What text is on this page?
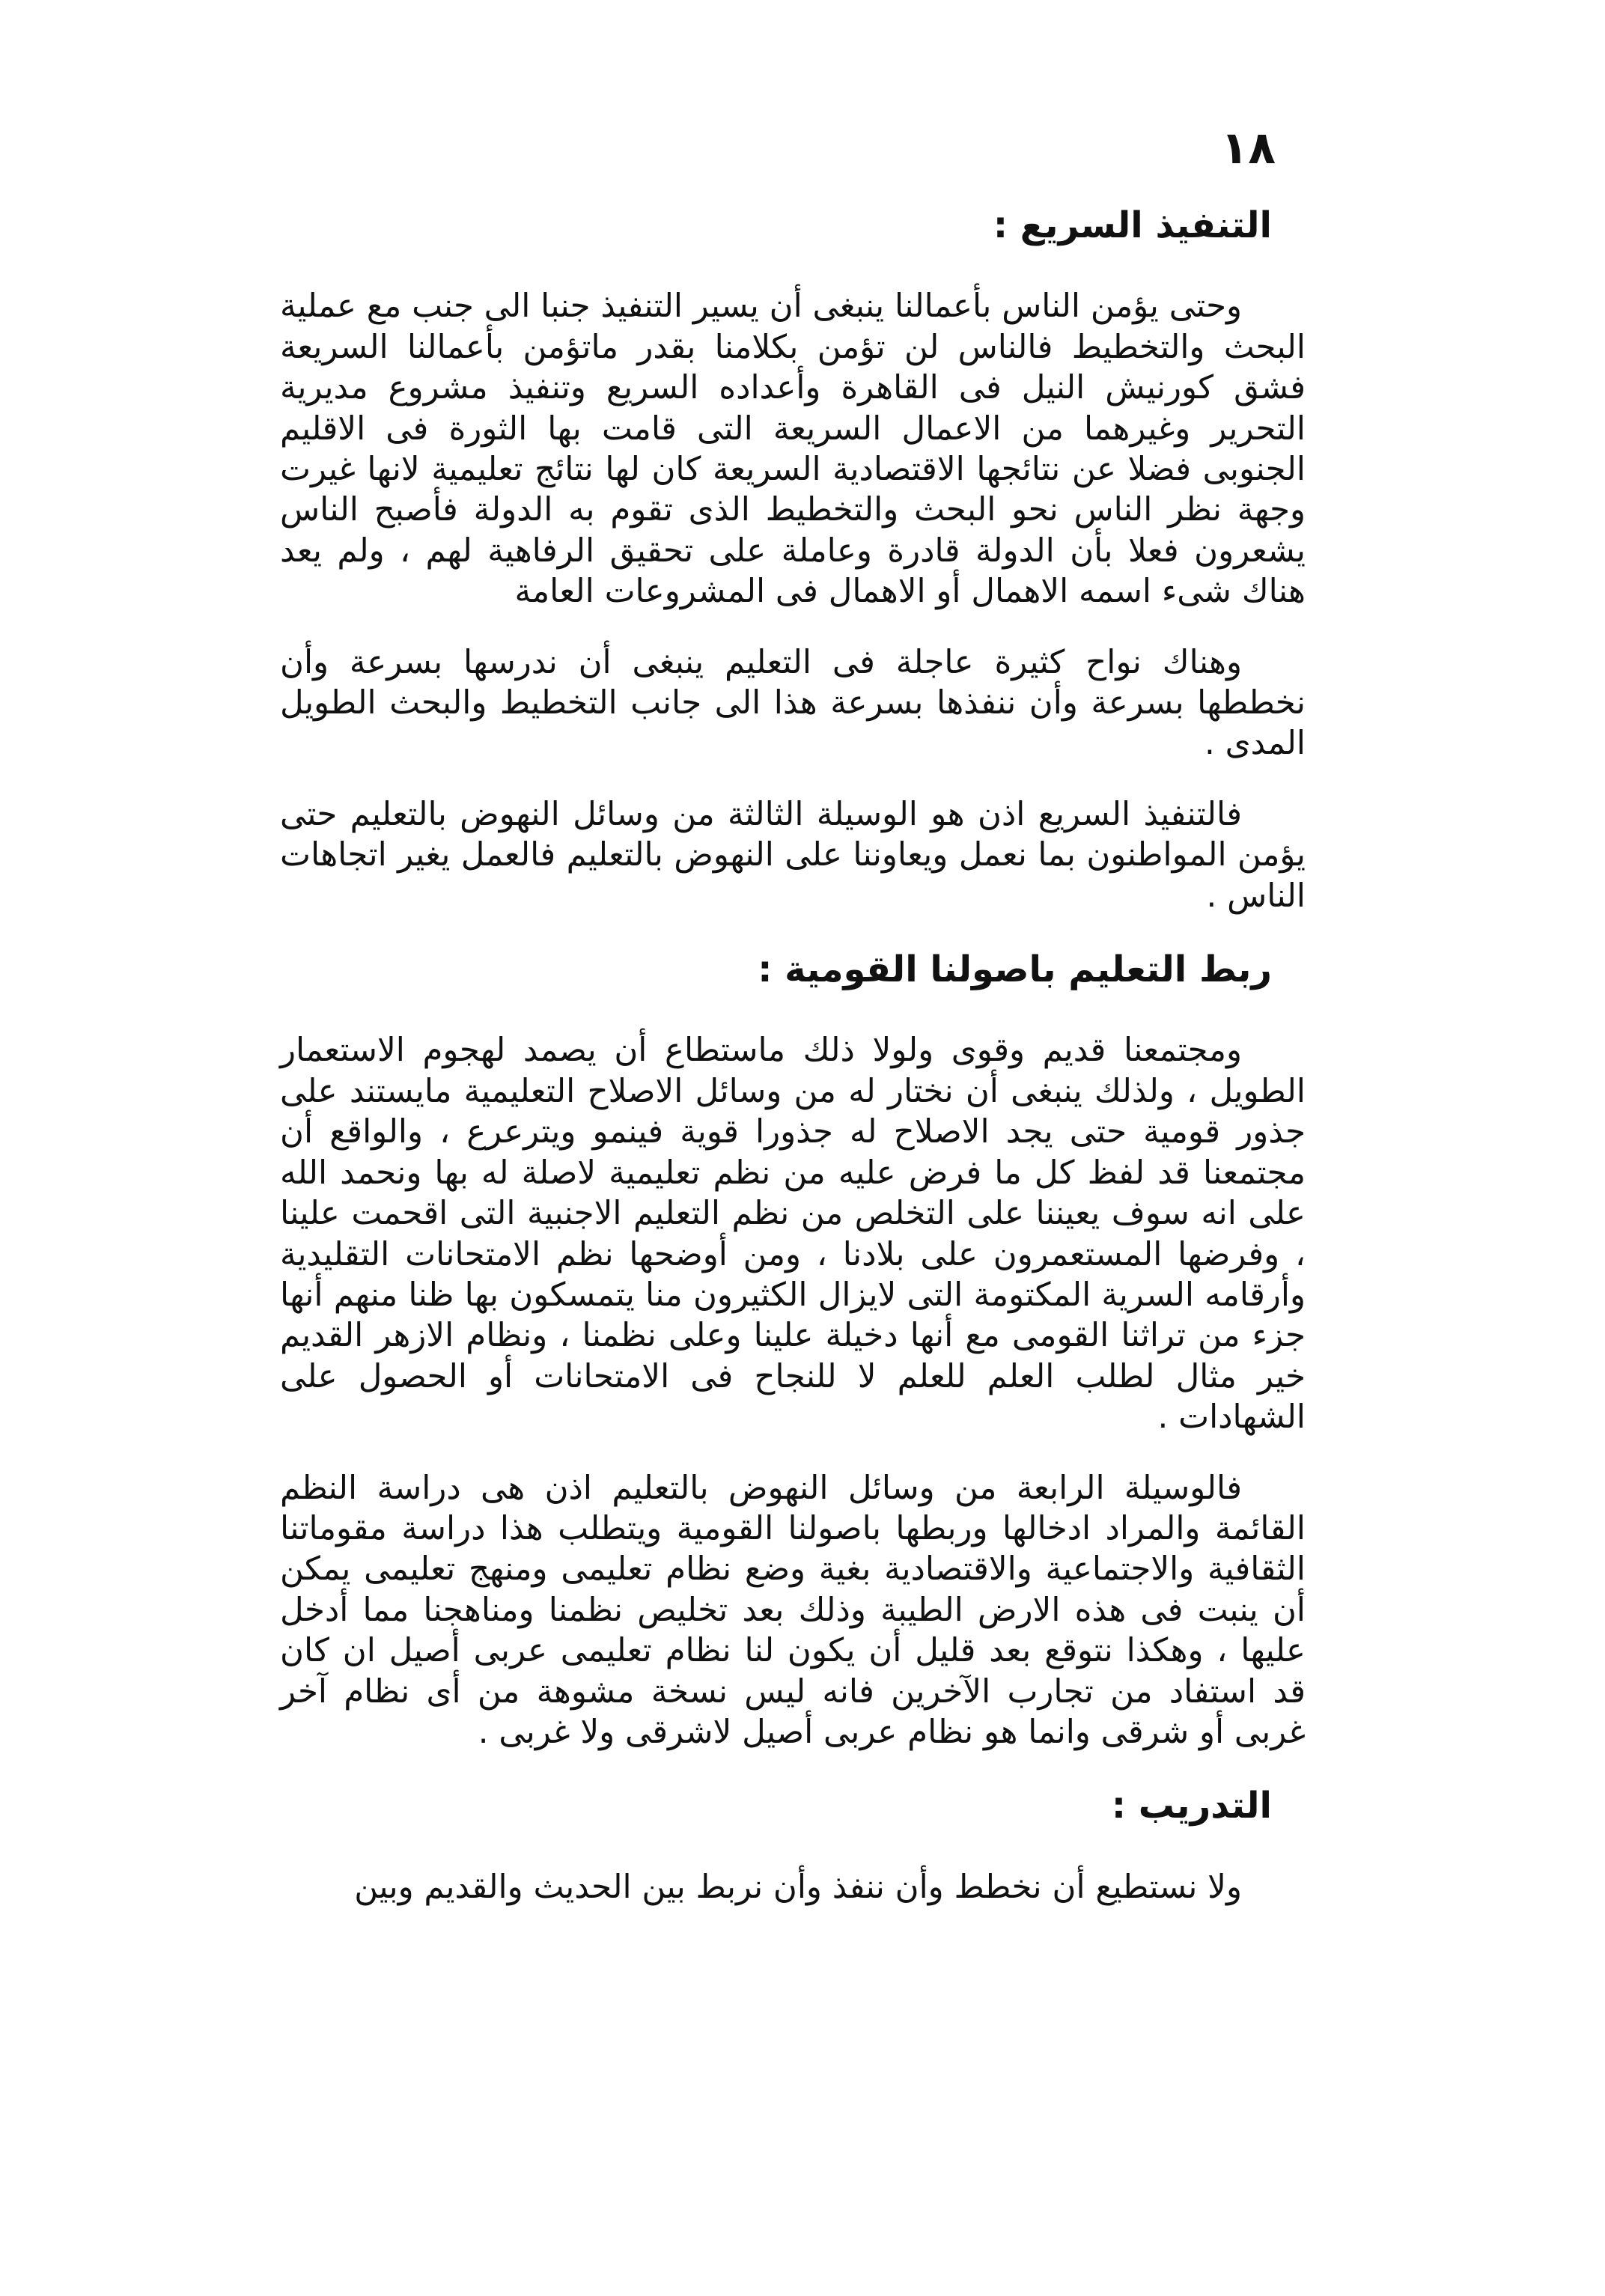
١٨
التنفيذ السريع :

وحتى يؤمن الناس بأعمالنا ينبغى أن يسير التنفيذ جنبا الى جنب مع عملية البحث والتخطيط فالناس لن تؤمن بكلامنا بقدر ماتؤمن بأعمالنا السريعة فشق كورنيش النيل فى القاهرة وأعداده السريع وتنفيذ مشروع مديرية التحرير وغيرهما من الاعمال السريعة التى قامت بها الثورة فى الاقليم الجنوبى فضلا عن نتائجها الاقتصادية السريعة كان لها نتائج تعليمية لانها غيرت وجهة نظر الناس نحو البحث والتخطيط الذى تقوم به الدولة فأصبح الناس يشعرون فعلا بأن الدولة قادرة وعاملة على تحقيق الرفاهية لهم ، ولم يعد هناك شىء اسمه الاهمال أو الاهمال فى المشروعات العامة

وهناك نواح كثيرة عاجلة فى التعليم ينبغى أن ندرسها بسرعة وأن نخططها بسرعة وأن ننفذها بسرعة هذا الى جانب التخطيط والبحث الطويل المدى .

فالتنفيذ السريع اذن هو الوسيلة الثالثة من وسائل النهوض بالتعليم حتى يؤمن المواطنون بما نعمل ويعاوننا على النهوض بالتعليم فالعمل يغير اتجاهات الناس .

ربط التعليم باصولنا القومية :

ومجتمعنا قديم وقوى ولولا ذلك ماستطاع أن يصمد لهجوم الاستعمار الطويل ، ولذلك ينبغى أن نختار له من وسائل الاصلاح التعليمية مايستند على جذور قومية حتى يجد الاصلاح له جذورا قوية فينمو ويترعرع ، والواقع أن مجتمعنا قد لفظ كل ما فرض عليه من نظم تعليمية لاصلة له بها ونحمد الله على انه سوف يعيننا على التخلص من نظم التعليم الاجنبية التى اقحمت علينا ، وفرضها المستعمرون على بلادنا ، ومن أوضحها نظم الامتحانات التقليدية وأرقامه السرية المكتومة التى لايزال الكثيرون منا يتمسكون بها ظنا منهم أنها جزء من تراثنا القومى مع أنها دخيلة علينا وعلى نظمنا ، ونظام الازهر القديم خير مثال لطلب العلم للعلم لا للنجاح فى الامتحانات أو الحصول على الشهادات .

فالوسيلة الرابعة من وسائل النهوض بالتعليم اذن هى دراسة النظم القائمة والمراد ادخالها وربطها باصولنا القومية ويتطلب هذا دراسة مقوماتنا الثقافية والاجتماعية والاقتصادية بغية وضع نظام تعليمى ومنهج تعليمى يمكن أن ينبت فى هذه الارض الطيبة وذلك بعد تخليص نظمنا ومناهجنا مما أدخل عليها ، وهكذا نتوقع بعد قليل أن يكون لنا نظام تعليمى عربى أصيل ان كان قد استفاد من تجارب الآخرين فانه ليس نسخة مشوهة من أى نظام آخر غربى أو شرقى وانما هو نظام عربى أصيل لاشرقى ولا غربى .

التدريب :

ولا نستطيع أن نخطط وأن ننفذ وأن نربط بين الحديث والقديم وبين
